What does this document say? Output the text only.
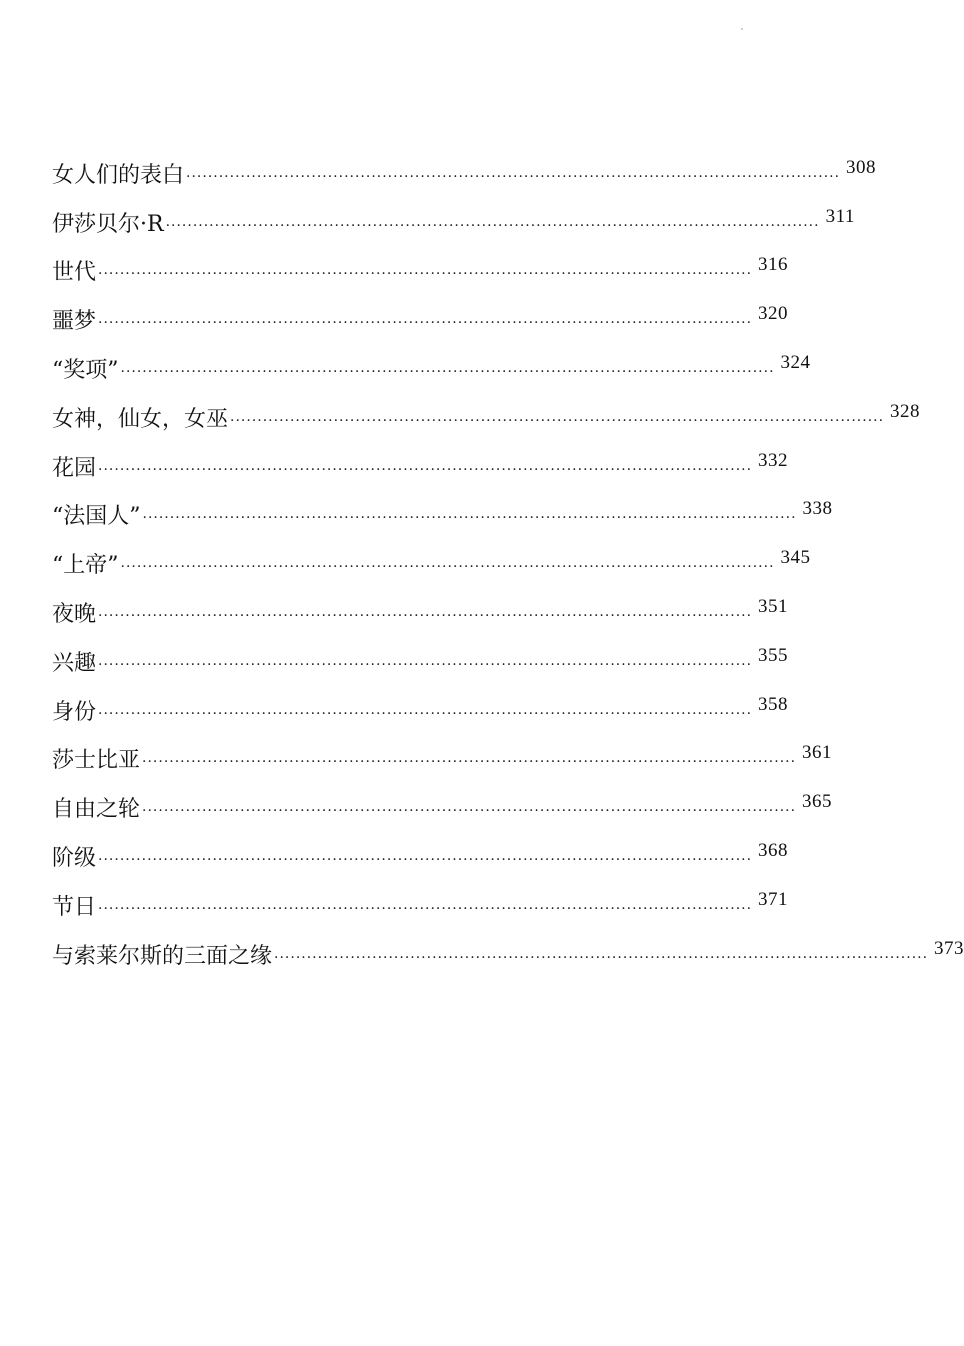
女人们的表白 ························································································································ 308
伊莎贝尔·R ························································································································ 311
世代 ························································································································ 316
噩梦 ························································································································ 320
“奖项” ························································································································ 324
女神，仙女，女巫 ························································································································ 328
花园 ························································································································ 332
“法国人” ························································································································ 338
“上帝” ························································································································ 345
夜晚 ························································································································ 351
兴趣 ························································································································ 355
身份 ························································································································ 358
莎士比亚 ························································································································ 361
自由之轮 ························································································································ 365
阶级 ························································································································ 368
节日 ························································································································ 371
与索莱尔斯的三面之缘 ························································································································ 373
